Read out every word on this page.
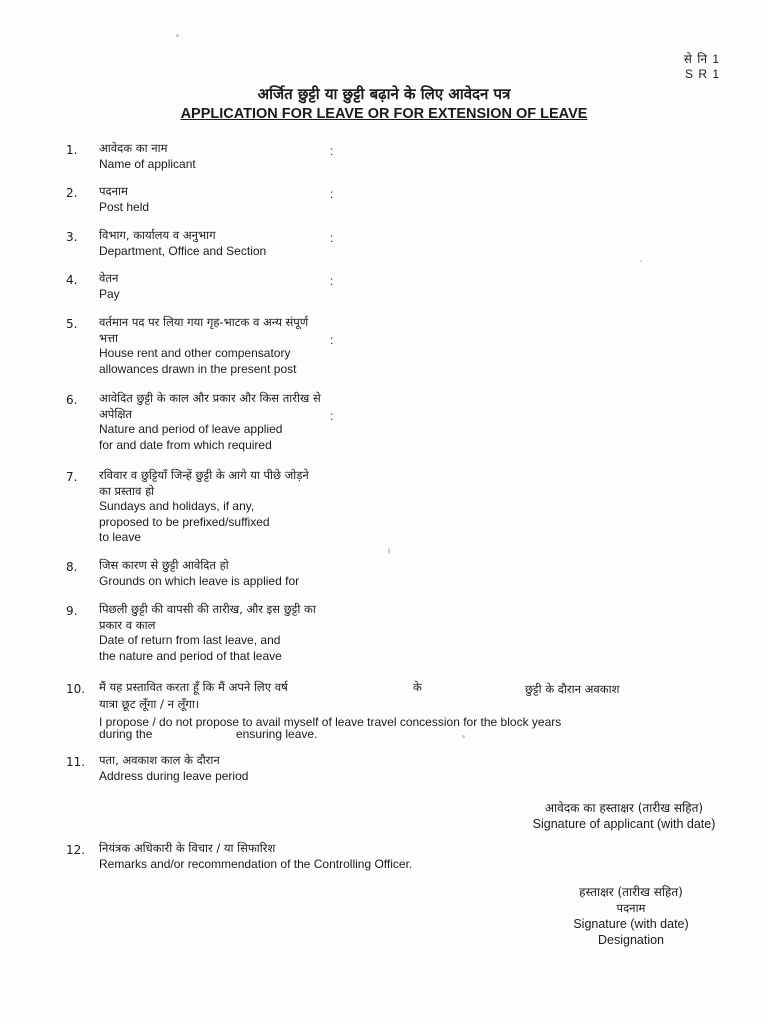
से नि 1
S R 1
अर्जित छुट्टी या छुट्टी बढ़ाने के लिए आवेदन पत्र
APPLICATION FOR LEAVE OR FOR EXTENSION OF LEAVE
1. आवेदक का नाम
Name of applicant
:
2. पदनाम
Post held
:
3. विभाग, कार्यालय व अनुभाग
Department, Office and Section
:
4. वेतन
Pay
:
5. वर्तमान पद पर लिया गया गृह-भाटक व अन्य संपूर्ण भत्ता
House rent and other compensatory
allowances drawn in the present post
:
6. आवेदित छुट्टी के काल और प्रकार और किस तारीख से अपेक्षित
Nature and period of leave applied
for and date from which required
:
7. रविवार व छुट्टियाँ जिन्हें छुट्टी के आगे या पीछे जोड़ने का प्रस्ताव हो
Sundays and holidays, if any,
proposed to be prefixed/suffixed
to leave
8. जिस कारण से छुट्टी आवेदित हो
Grounds on which leave is applied for
9. पिछली छुट्टी की वापसी की तारीख, और इस छुट्टी का प्रकार व काल
Date of return from last leave, and
the nature and period of that leave
10. मैं यह प्रस्तावित करता हूँ कि मैं अपने लिए वर्ष	के	छुट्टी के दौरान अवकाश
यात्रा छूट लूँगा / न लूँगा।
I propose / do not propose to avail myself of leave travel concession for the block years
during the	ensuring leave.
11. पता, अवकाश काल के दौरान
Address during leave period
आवेदक का हस्ताक्षर (तारीख सहित)
Signature of applicant (with date)
12. नियंत्रक अधिकारी के विचार / या सिफारिश
Remarks and/or recommendation of the Controlling Officer.
हस्ताक्षर (तारीख सहित)
पदनाम
Signature (with date)
Designation
